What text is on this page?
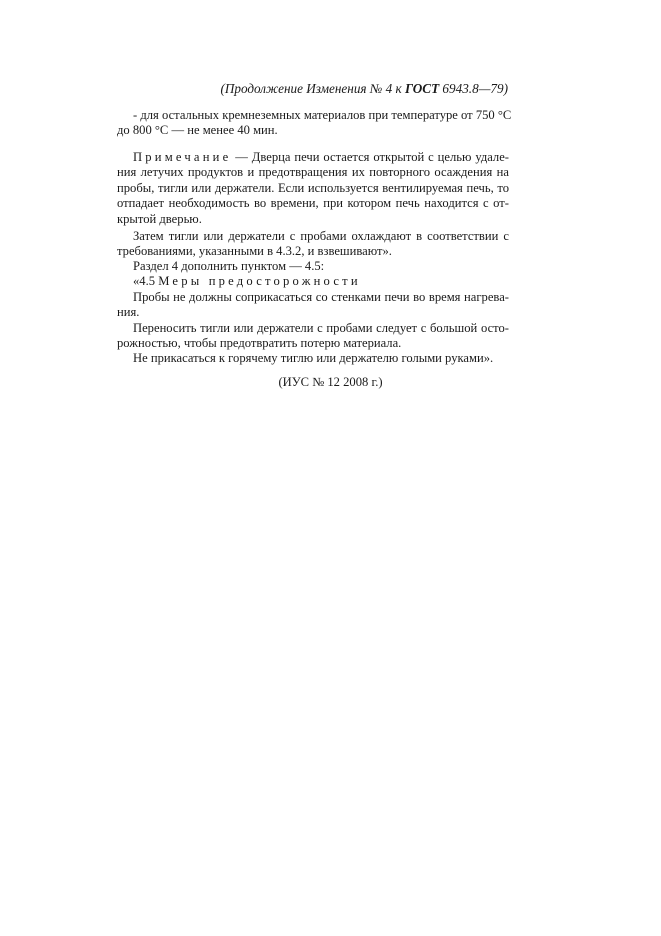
(Продолжение Изменения № 4 к ГОСТ 6943.8—79)
- для остальных кремнеземных материалов при температуре от 750 °С
до 800 °С — не менее 40 мин.
Примечание — Дверца печи остается открытой с целью удале-
ния летучих продуктов и предотвращения их повторного осаждения на
пробы, тигли или держатели. Если используется вентилируемая печь, то
отпадает необходимость во времени, при котором печь находится с от-
крытой дверью.
Затем тигли или держатели с пробами охлаждают в соответствии с
требованиями, указанными в 4.3.2, и взвешивают».
Раздел 4 дополнить пунктом — 4.5:
«4.5 Меры предосторожности
Пробы не должны соприкасаться со стенками печи во время нагрева-
ния.
Переносить тигли или держатели с пробами следует с большой осто-
рожностью, чтобы предотвратить потерю материала.
Не прикасаться к горячему тиглю или держателю голыми руками».
(ИУС № 12 2008 г.)
